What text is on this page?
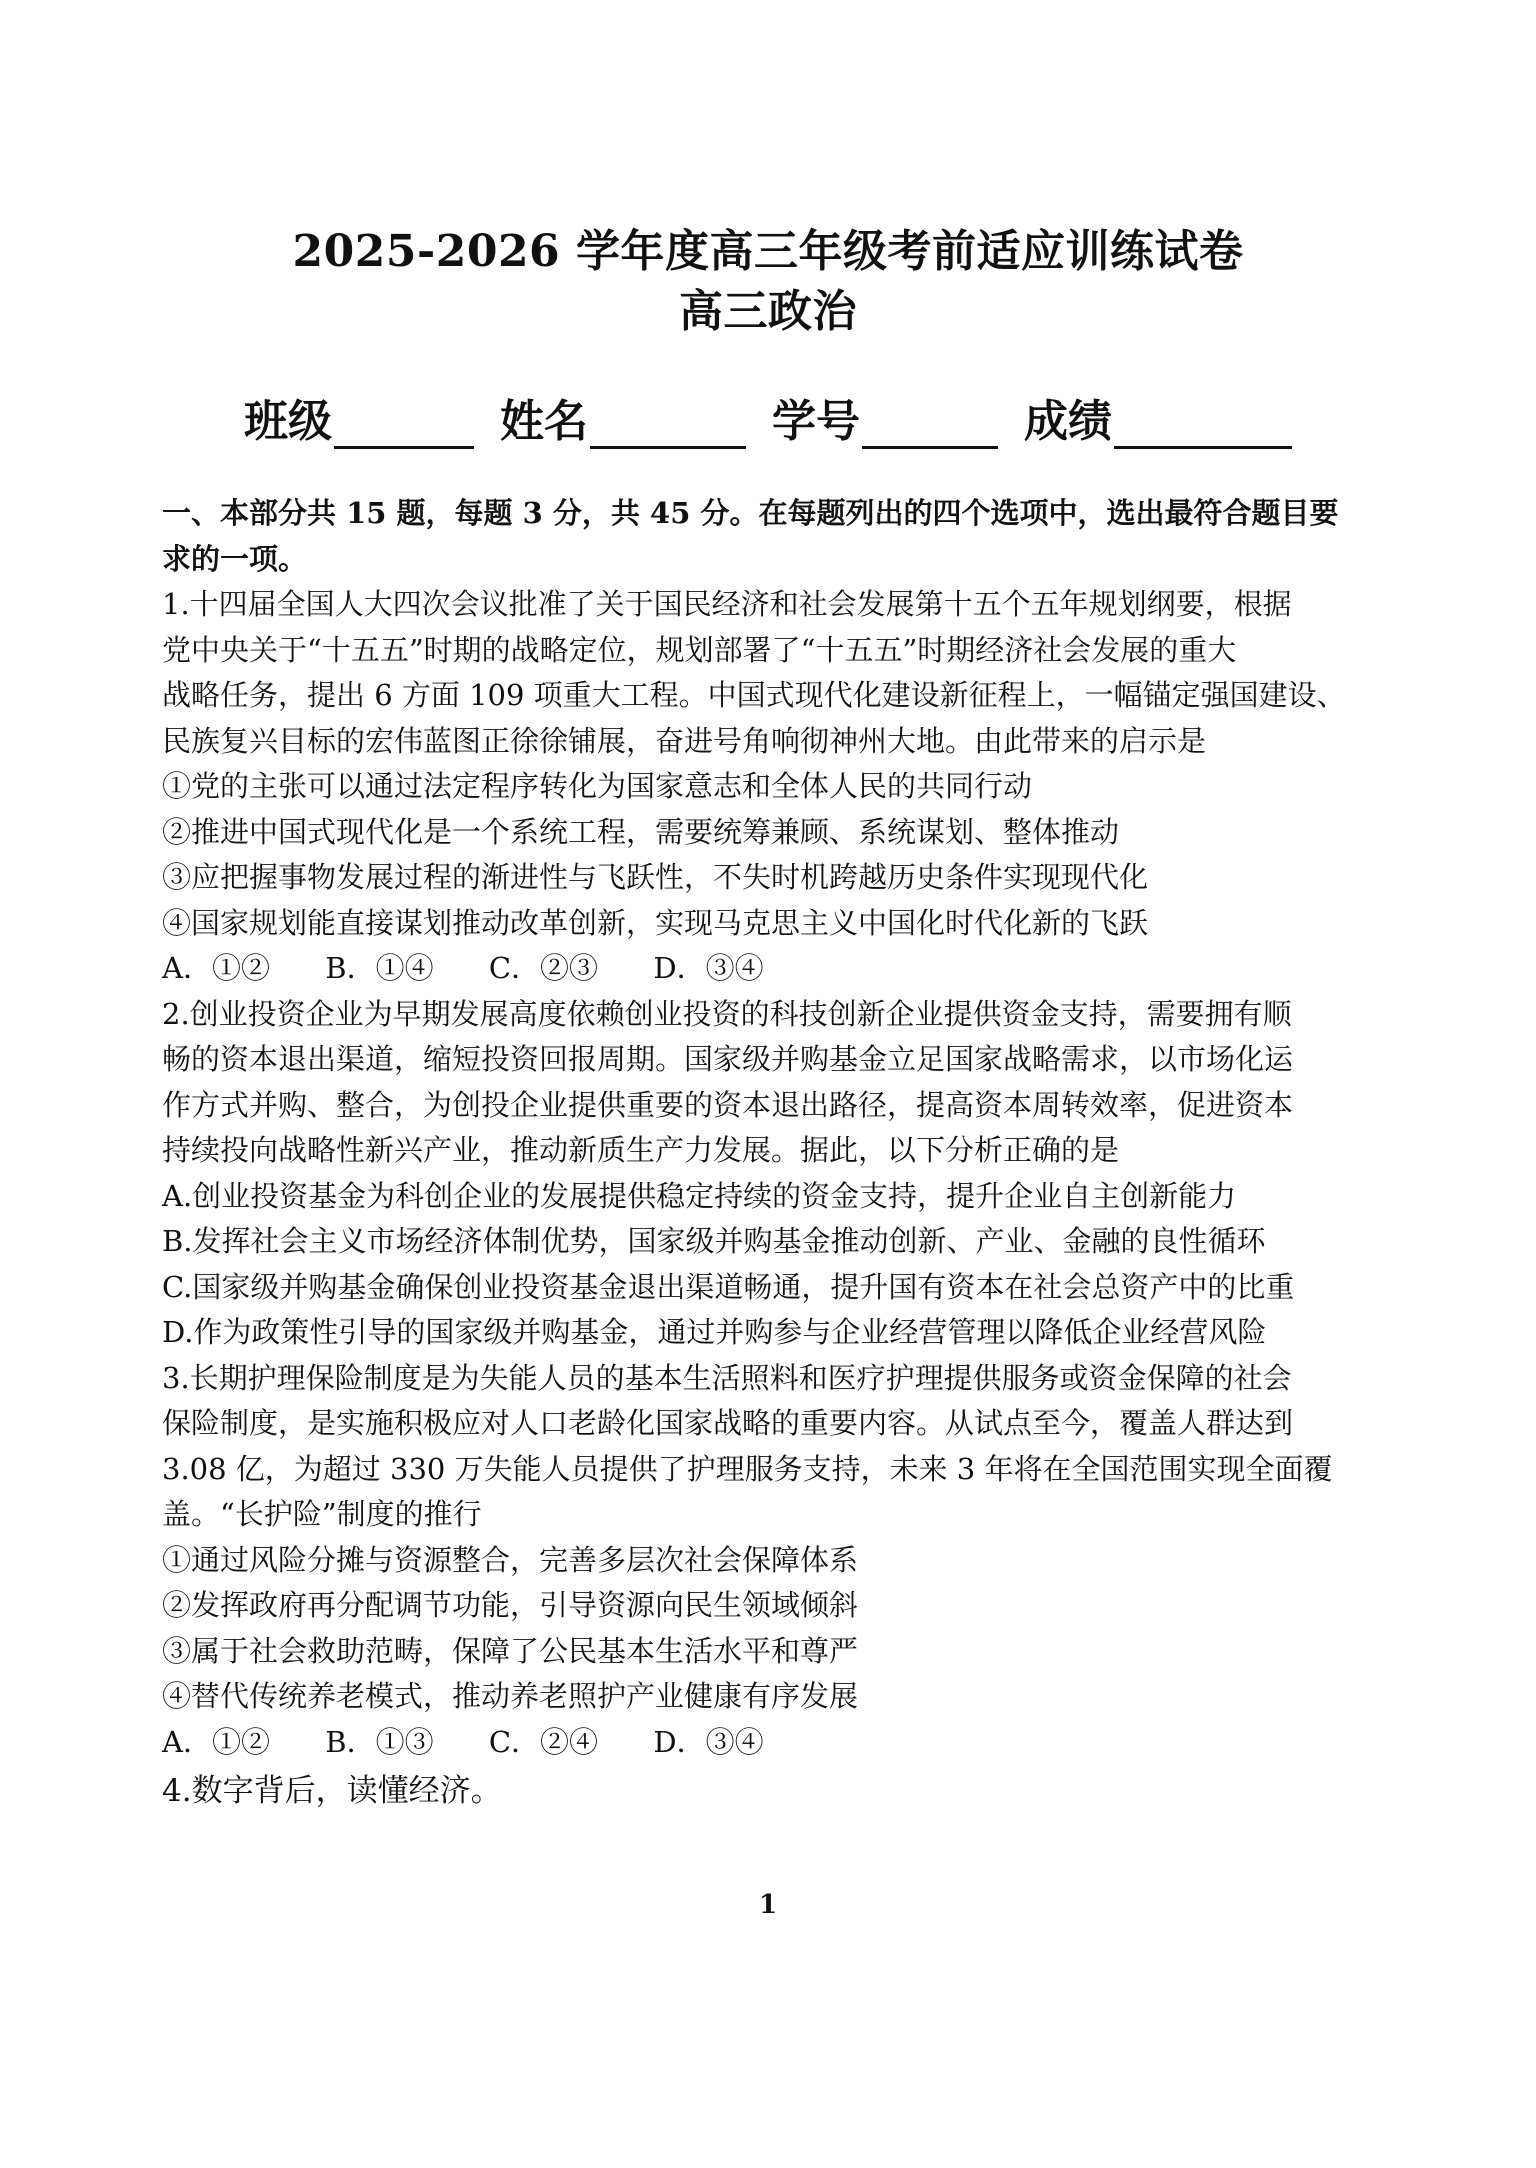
2025-2026 学年度高三年级考前适应训练试卷
高三政治
班级	姓名	学号	成绩
一、本部分共 15 题，每题 3 分，共 45 分。在每题列出的四个选项中，选出最符合题目要
求的一项。
1.十四届全国人大四次会议批准了关于国民经济和社会发展第十五个五年规划纲要，根据
党中央关于“十五五”时期的战略定位，规划部署了“十五五”时期经济社会发展的重大
战略任务，提出 6 方面 109 项重大工程。中国式现代化建设新征程上，一幅锚定强国建设、
民族复兴目标的宏伟蓝图正徐徐铺展，奋进号角响彻神州大地。由此带来的启示是
①党的主张可以通过法定程序转化为国家意志和全体人民的共同行动
②推进中国式现代化是一个系统工程，需要统筹兼顾、系统谋划、整体推动
③应把握事物发展过程的渐进性与飞跃性，不失时机跨越历史条件实现现代化
④国家规划能直接谋划推动改革创新，实现马克思主义中国化时代化新的飞跃
A．①②      B．①④      C．②③      D．③④
2.创业投资企业为早期发展高度依赖创业投资的科技创新企业提供资金支持，需要拥有顺
畅的资本退出渠道，缩短投资回报周期。国家级并购基金立足国家战略需求，以市场化运
作方式并购、整合，为创投企业提供重要的资本退出路径，提高资本周转效率，促进资本
持续投向战略性新兴产业，推动新质生产力发展。据此，以下分析正确的是
A.创业投资基金为科创企业的发展提供稳定持续的资金支持，提升企业自主创新能力
B.发挥社会主义市场经济体制优势，国家级并购基金推动创新、产业、金融的良性循环
C.国家级并购基金确保创业投资基金退出渠道畅通，提升国有资本在社会总资产中的比重
D.作为政策性引导的国家级并购基金，通过并购参与企业经营管理以降低企业经营风险
3.长期护理保险制度是为失能人员的基本生活照料和医疗护理提供服务或资金保障的社会
保险制度，是实施积极应对人口老龄化国家战略的重要内容。从试点至今，覆盖人群达到
3.08 亿，为超过 330 万失能人员提供了护理服务支持，未来 3 年将在全国范围实现全面覆
盖。“长护险”制度的推行
①通过风险分摊与资源整合，完善多层次社会保障体系
②发挥政府再分配调节功能，引导资源向民生领域倾斜
③属于社会救助范畴，保障了公民基本生活水平和尊严
④替代传统养老模式，推动养老照护产业健康有序发展
A．①②      B．①③      C．②④      D．③④
4.数字背后，读懂经济。
1
